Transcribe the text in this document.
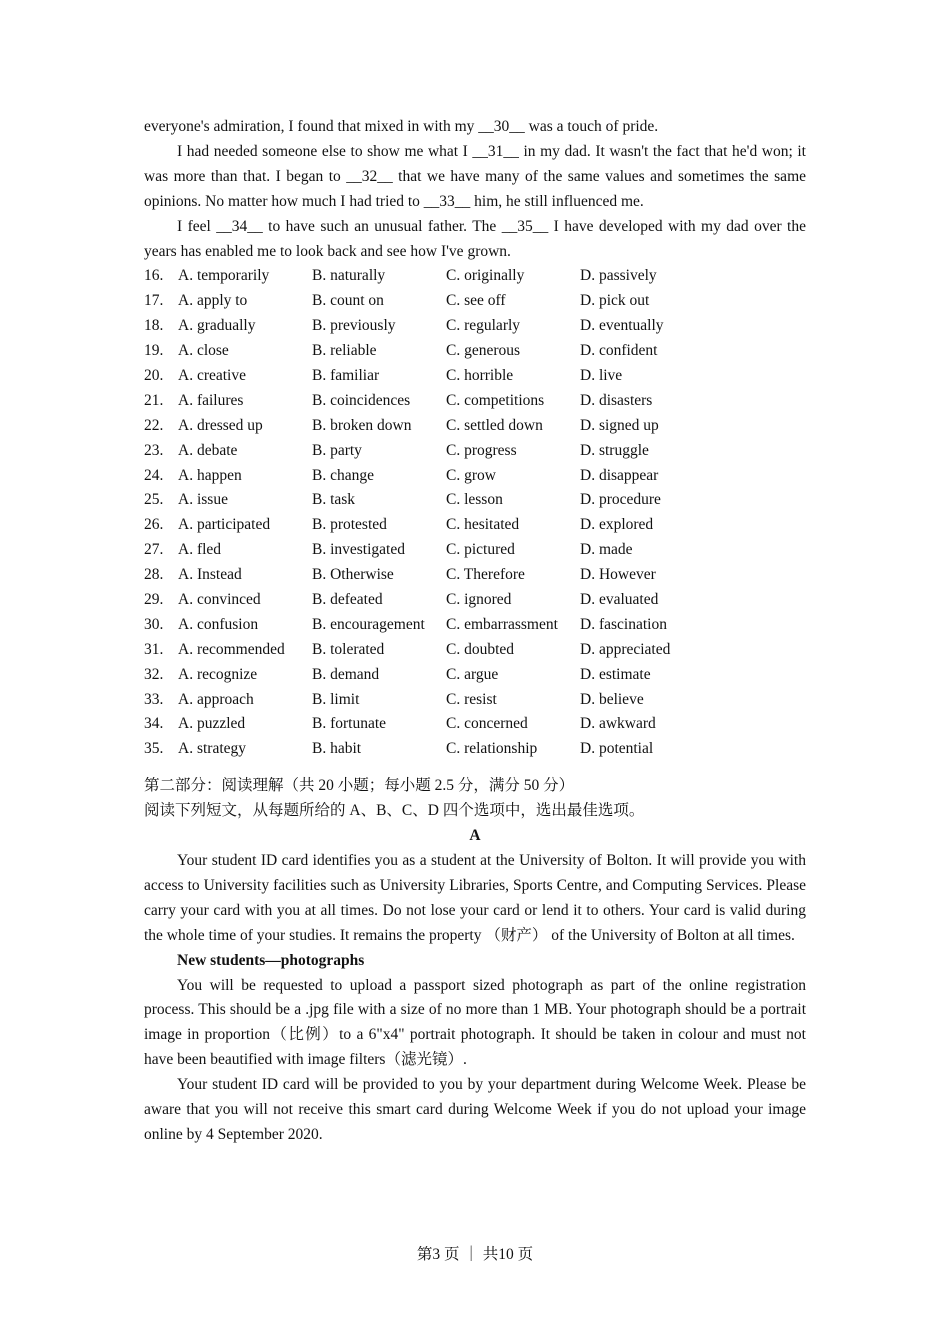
everyone's admiration, I found that mixed in with my __30__ was a touch of pride.

I had needed someone else to show me what I __31__ in my dad. It wasn't the fact that he'd won; it was more than that. I began to __32__ that we have many of the same values and sometimes the same opinions. No matter how much I had tried to __33__ him, he still influenced me.

I feel __34__ to have such an unusual father. The __35__ I have developed with my dad over the years has enabled me to look back and see how I've grown.

16. A. temporarily	B. naturally	C. originally	D. passively
17. A. apply to	B. count on	C. see off	D. pick out
18. A. gradually	B. previously	C. regularly	D. eventually
19. A. close	B. reliable	C. generous	D. confident
20. A. creative	B. familiar	C. horrible	D. live
21. A. failures	B. coincidences	C. competitions	D. disasters
22. A. dressed up	B. broken down	C. settled down	D. signed up
23. A. debate	B. party	C. progress	D. struggle
24. A. happen	B. change	C. grow	D. disappear
25. A. issue	B. task	C. lesson	D. procedure
26. A. participated	B. protested	C. hesitated	D. explored
27. A. fled	B. investigated	C. pictured	D. made
28. A. Instead	B. Otherwise	C. Therefore	D. However
29. A. convinced	B. defeated	C. ignored	D. evaluated
30. A. confusion	B. encouragement	C. embarrassment	D. fascination
31. A. recommended	B. tolerated	C. doubted	D. appreciated
32. A. recognize	B. demand	C. argue	D. estimate
33. A. approach	B. limit	C. resist	D. believe
34. A. puzzled	B. fortunate	C. concerned	D. awkward
35. A. strategy	B. habit	C. relationship	D. potential

第二部分：阅读理解（共 20 小题；每小题 2.5 分，满分 50 分）

阅读下列短文，从每题所给的 A、B、C、D 四个选项中，选出最佳选项。

A

Your student ID card identifies you as a student at the University of Bolton. It will provide you with access to University facilities such as University Libraries, Sports Centre, and Computing Services. Please carry your card with you at all times. Do not lose your card or lend it to others. Your card is valid during the whole time of your studies. It remains the property （财产） of the University of Bolton at all times.

New students—photographs

You will be requested to upload a passport sized photograph as part of the online registration process. This should be a .jpg file with a size of no more than 1 MB. Your photograph should be a portrait image in proportion（比例）to a 6"x4" portrait photograph. It should be taken in colour and must not have been beautified with image filters（滤光镜）.

Your student ID card will be provided to you by your department during Welcome Week. Please be aware that you will not receive this smart card during Welcome Week if you do not upload your image online by 4 September 2020.

第3 页 ｜ 共10 页
